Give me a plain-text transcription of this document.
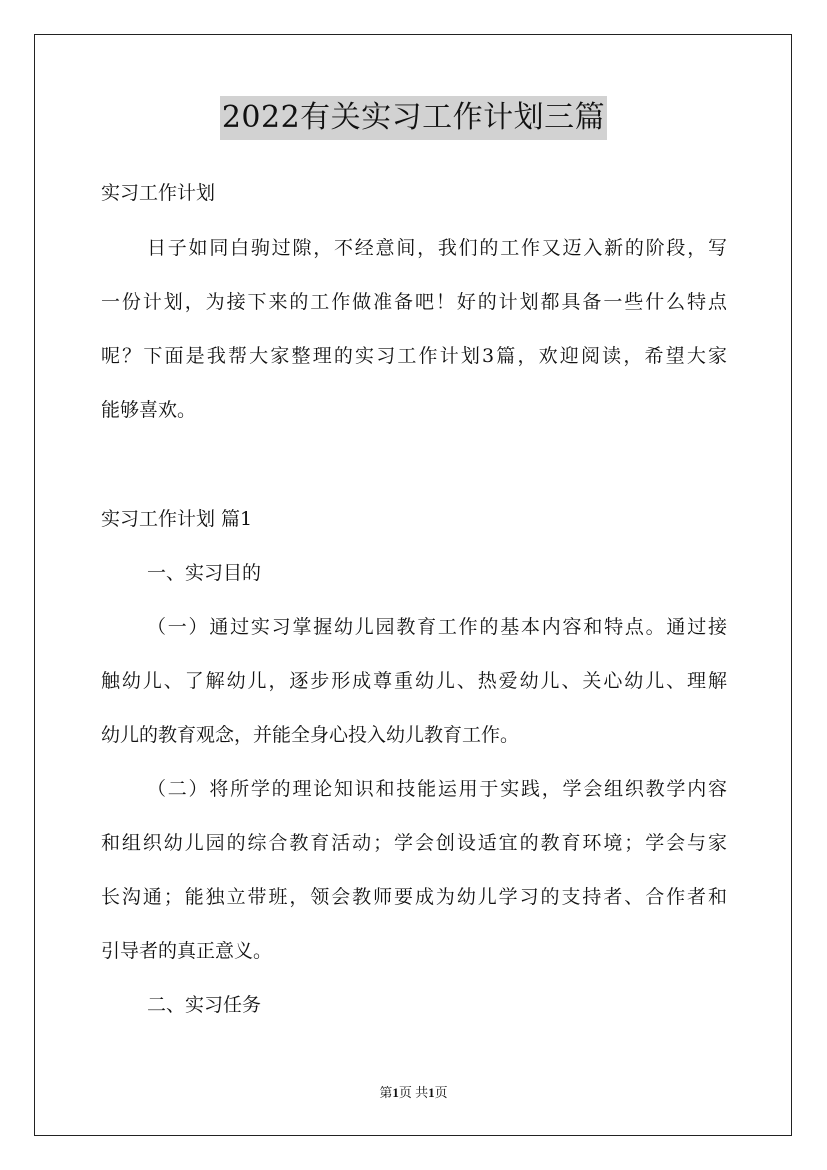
2022有关实习工作计划三篇
实习工作计划
日子如同白驹过隙，不经意间，我们的工作又迈入新的阶段，写
一份计划，为接下来的工作做准备吧！好的计划都具备一些什么特点
呢？下面是我帮大家整理的实习工作计划3篇，欢迎阅读，希望大家
能够喜欢。
实习工作计划 篇1
一、实习目的
（一）通过实习掌握幼儿园教育工作的基本内容和特点。通过接
触幼儿、了解幼儿，逐步形成尊重幼儿、热爱幼儿、关心幼儿、理解
幼儿的教育观念，并能全身心投入幼儿教育工作。
（二）将所学的理论知识和技能运用于实践，学会组织教学内容
和组织幼儿园的综合教育活动；学会创设适宜的教育环境；学会与家
长沟通；能独立带班，领会教师要成为幼儿学习的支持者、合作者和
引导者的真正意义。
二、实习任务
第1页 共1页
